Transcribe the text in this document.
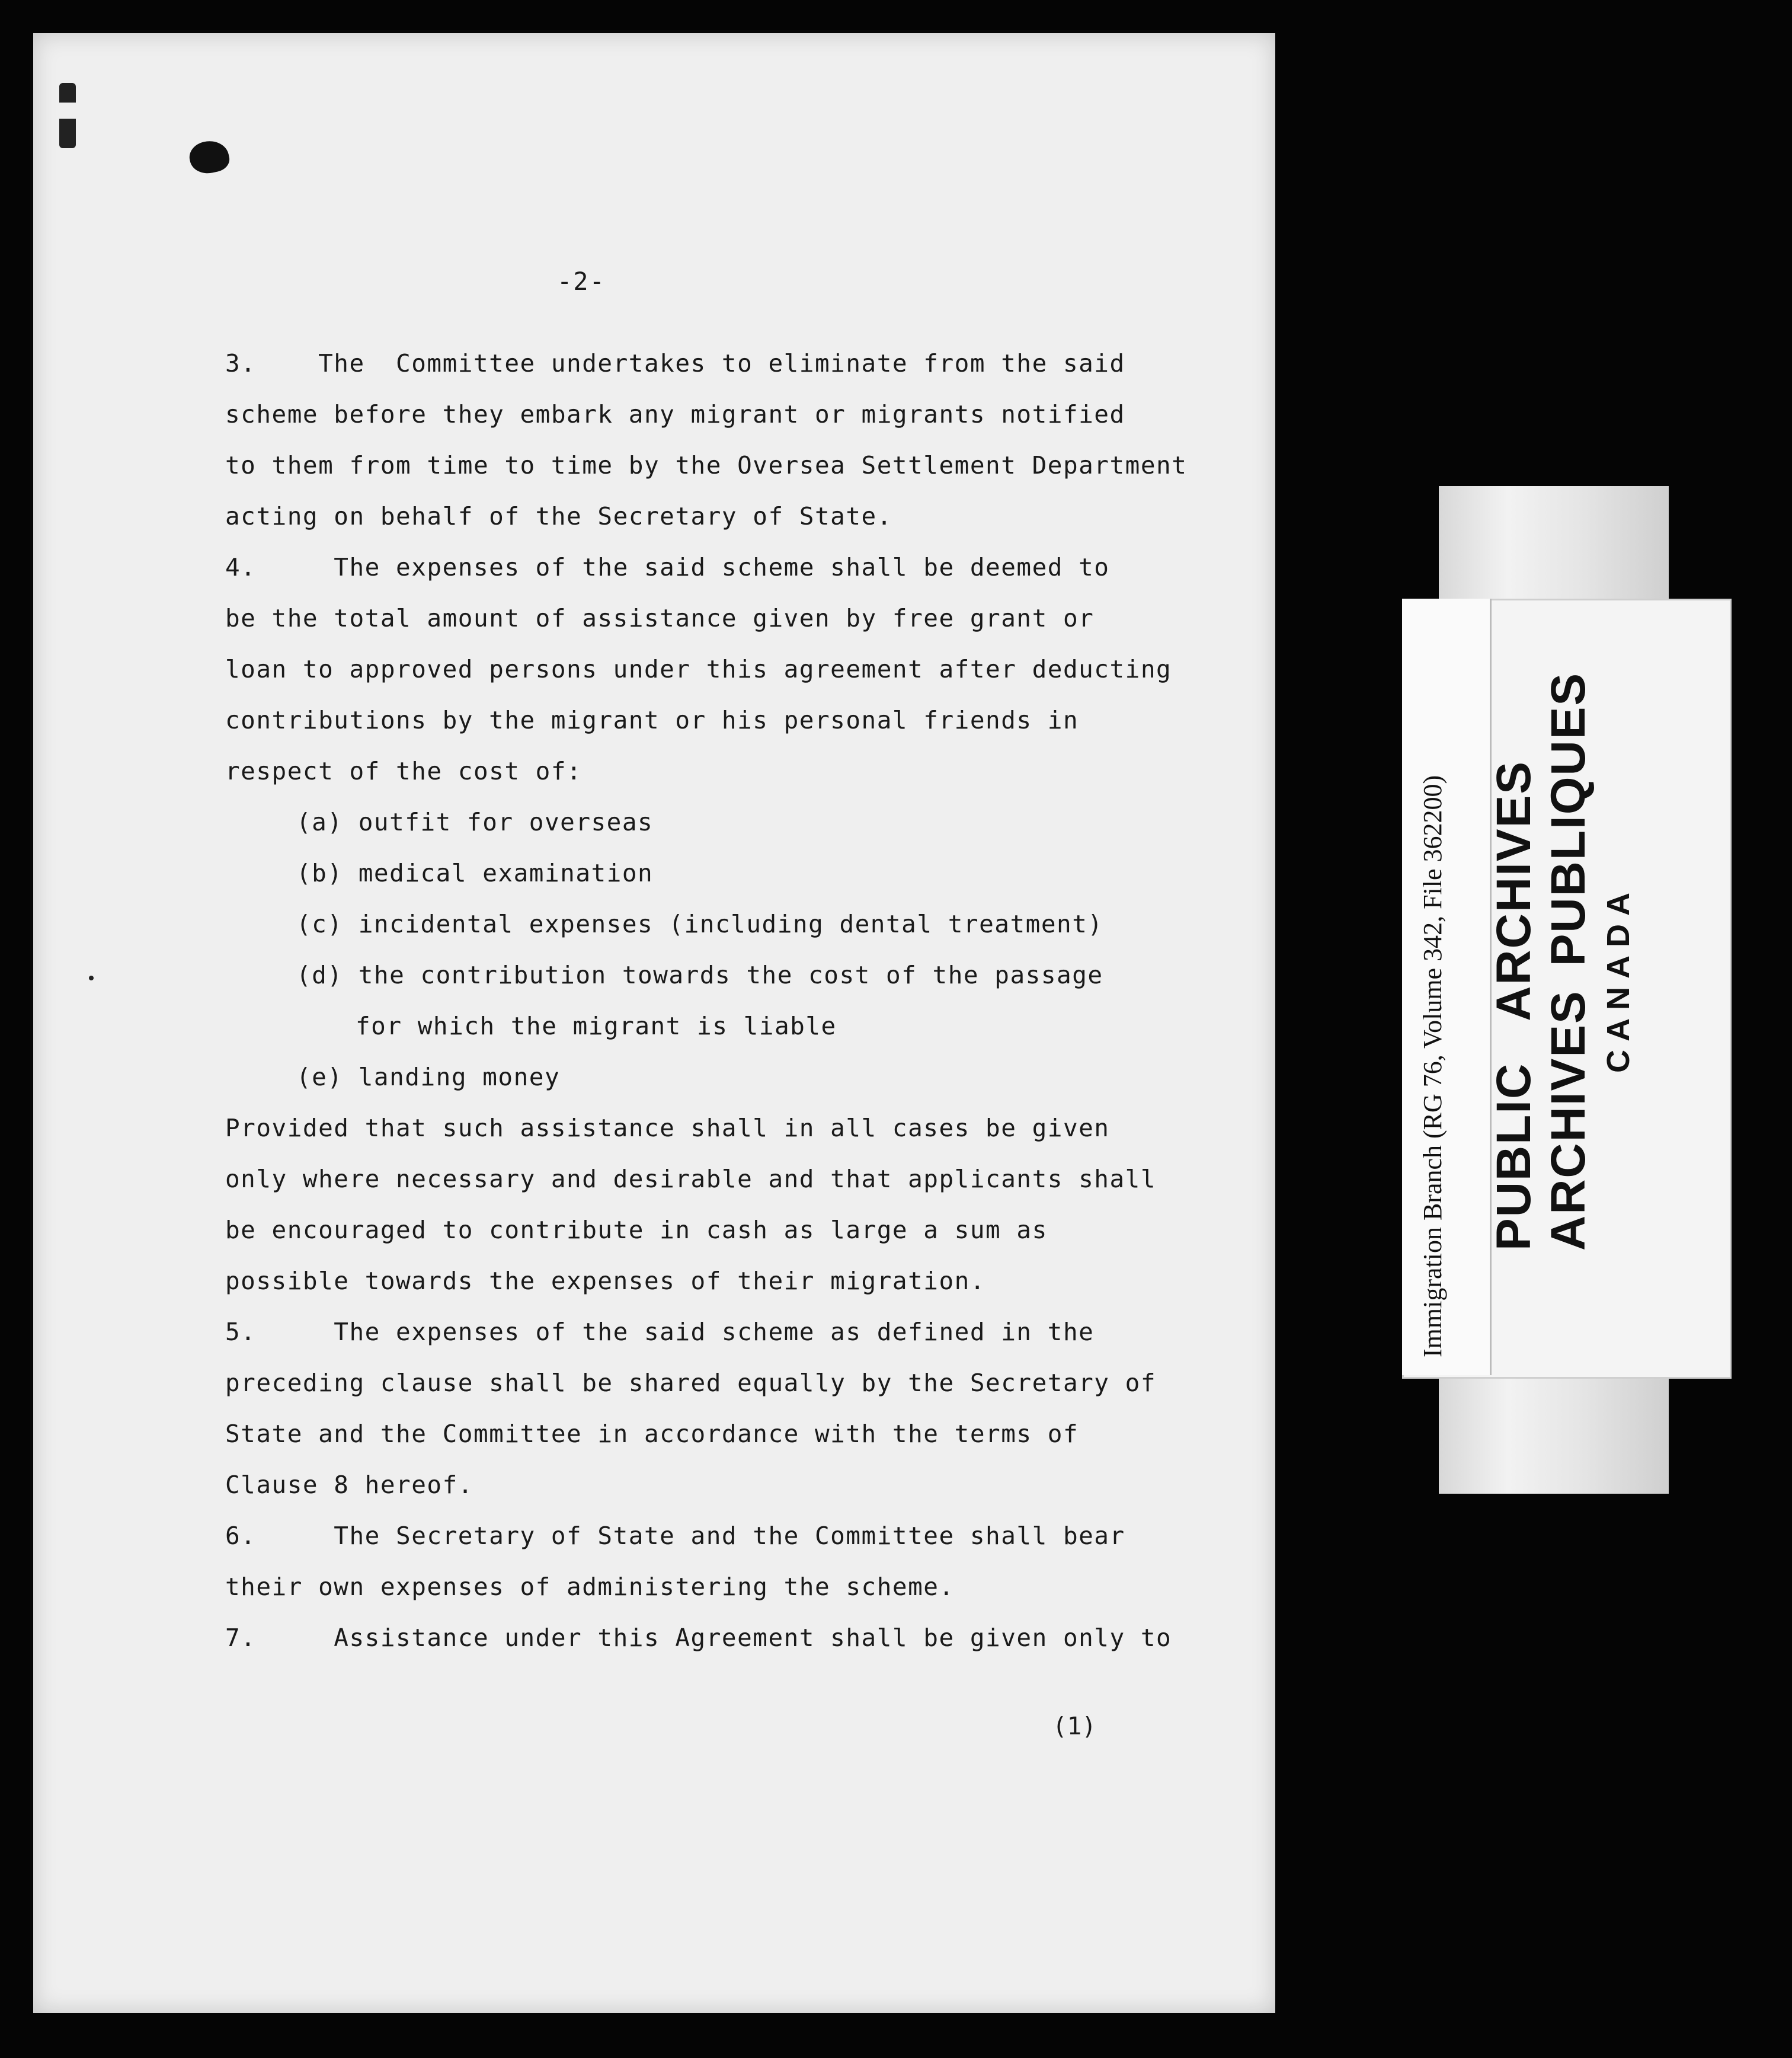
-2-
3.    The  Committee undertakes to eliminate from the said
scheme before they embark any migrant or migrants notified
to them from time to time by the Oversea Settlement Department
acting on behalf of the Secretary of State.
4.     The expenses of the said scheme shall be deemed to
be the total amount of assistance given by free grant or
loan to approved persons under this agreement after deducting
contributions by the migrant or his personal friends in
respect of the cost of:
(a) outfit for overseas
(b) medical examination
(c) incidental expenses (including dental treatment)
(d) the contribution towards the cost of the passage
for which the migrant is liable
(e) landing money
Provided that such assistance shall in all cases be given
only where necessary and desirable and that applicants shall
be encouraged to contribute in cash as large a sum as
possible towards the expenses of their migration.
5.     The expenses of the said scheme as defined in the
preceding clause shall be shared equally by the Secretary of
State and the Committee in accordance with the terms of
Clause 8 hereof.
6.     The Secretary of State and the Committee shall bear
their own expenses of administering the scheme.
7.     Assistance under this Agreement shall be given only to
(1)
Immigration Branch (RG 76, Volume 342, File 362200) PUBLICARCHIVES
ARCHIVESPUBLIQUES
CANADA
